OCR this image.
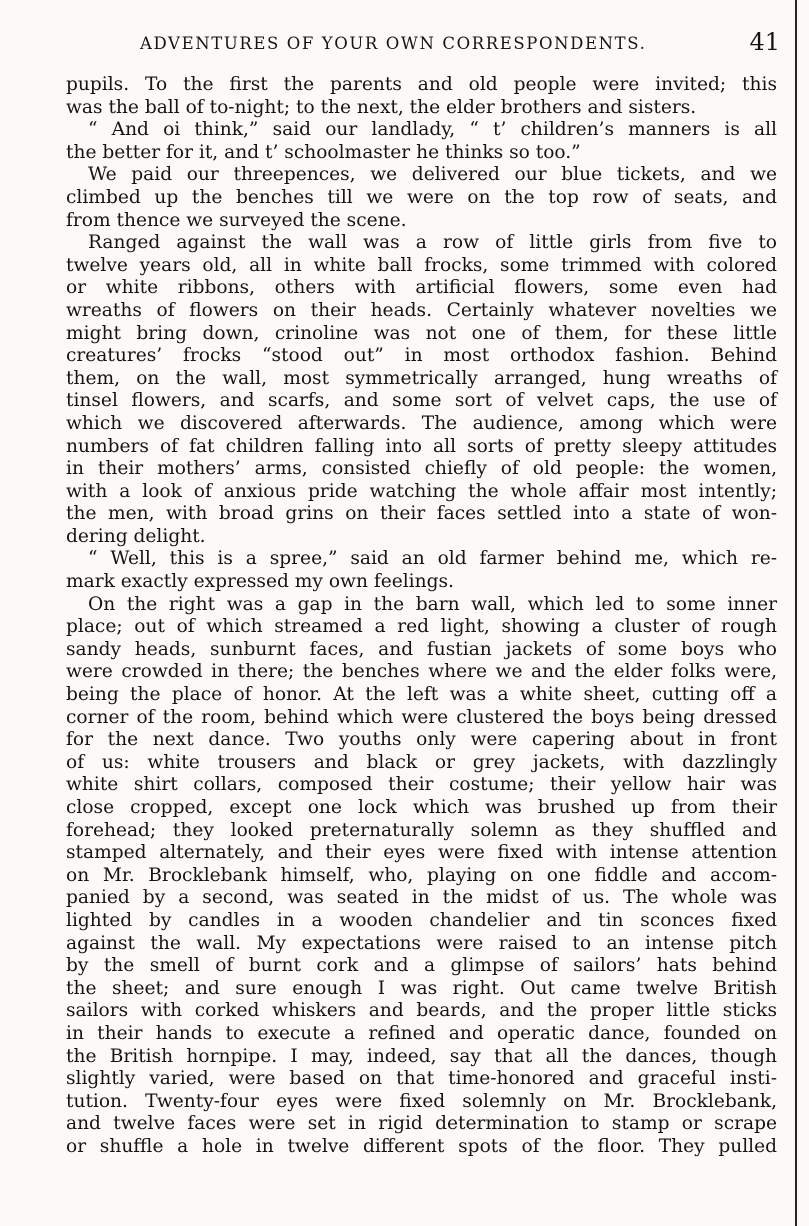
ADVENTURES OF YOUR OWN CORRESPONDENTS.	41
pupils. To the first the parents and old people were invited; this
was the ball of to-night; to the next, the elder brothers and sisters.
“ And oi think,” said our landlady, “ t’ children’s manners is all
the better for it, and t’ schoolmaster he thinks so too.”
We paid our threepences, we delivered our blue tickets, and we
climbed up the benches till we were on the top row of seats, and
from thence we surveyed the scene.
Ranged against the wall was a row of little girls from five to
twelve years old, all in white ball frocks, some trimmed with colored
or white ribbons, others with artificial flowers, some even had
wreaths of flowers on their heads. Certainly whatever novelties we
might bring down, crinoline was not one of them, for these little
creatures’ frocks “stood out” in most orthodox fashion. Behind
them, on the wall, most symmetrically arranged, hung wreaths of
tinsel flowers, and scarfs, and some sort of velvet caps, the use of
which we discovered afterwards. The audience, among which were
numbers of fat children falling into all sorts of pretty sleepy attitudes
in their mothers’ arms, consisted chiefly of old people: the women,
with a look of anxious pride watching the whole affair most intently;
the men, with broad grins on their faces settled into a state of won-
dering delight.
“ Well, this is a spree,” said an old farmer behind me, which re-
mark exactly expressed my own feelings.
On the right was a gap in the barn wall, which led to some inner
place; out of which streamed a red light, showing a cluster of rough
sandy heads, sunburnt faces, and fustian jackets of some boys who
were crowded in there; the benches where we and the elder folks were,
being the place of honor. At the left was a white sheet, cutting off a
corner of the room, behind which were clustered the boys being dressed
for the next dance. Two youths only were capering about in front
of us: white trousers and black or grey jackets, with dazzlingly
white shirt collars, composed their costume; their yellow hair was
close cropped, except one lock which was brushed up from their
forehead; they looked preternaturally solemn as they shuffled and
stamped alternately, and their eyes were fixed with intense attention
on Mr. Brocklebank himself, who, playing on one fiddle and accom-
panied by a second, was seated in the midst of us. The whole was
lighted by candles in a wooden chandelier and tin sconces fixed
against the wall. My expectations were raised to an intense pitch
by the smell of burnt cork and a glimpse of sailors’ hats behind
the sheet; and sure enough I was right. Out came twelve British
sailors with corked whiskers and beards, and the proper little sticks
in their hands to execute a refined and operatic dance, founded on
the British hornpipe. I may, indeed, say that all the dances, though
slightly varied, were based on that time-honored and graceful insti-
tution. Twenty-four eyes were fixed solemnly on Mr. Brocklebank,
and twelve faces were set in rigid determination to stamp or scrape
or shuffle a hole in twelve different spots of the floor. They pulled
